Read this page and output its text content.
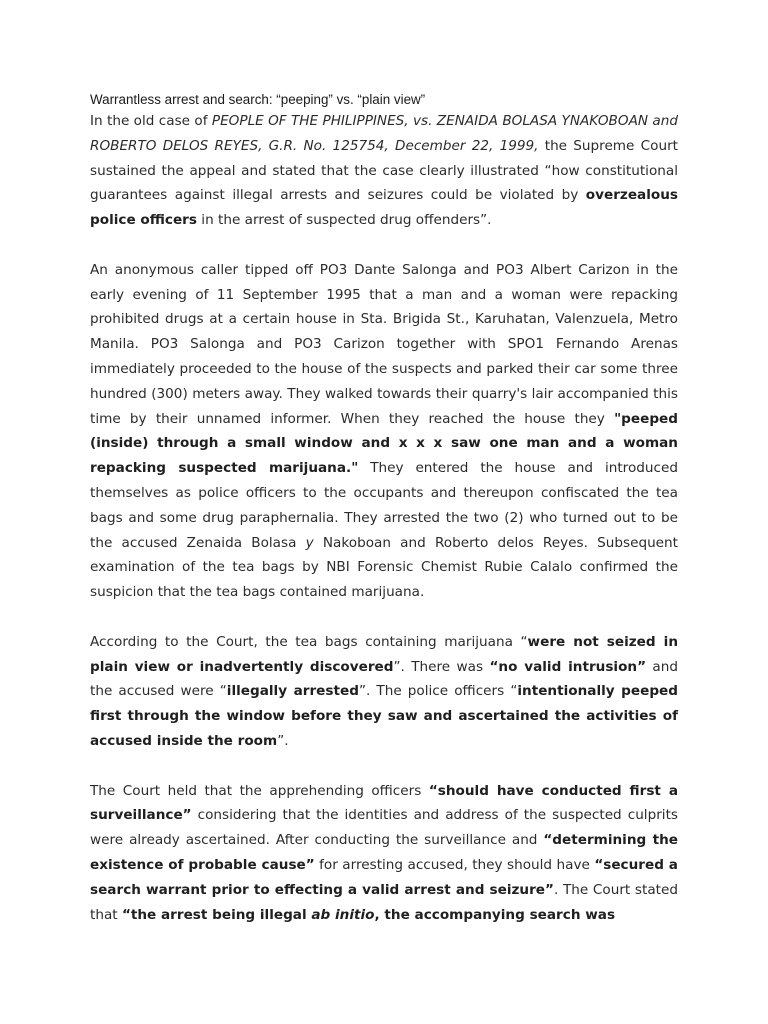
Warrantless arrest and search: “peeping” vs. “plain view”

In the old case of PEOPLE OF THE PHILIPPINES, vs. ZENAIDA BOLASA YNAKOBOAN and ROBERTO DELOS REYES, G.R. No. 125754, December 22, 1999, the Supreme Court sustained the appeal and stated that the case clearly illustrated “how constitutional guarantees against illegal arrests and seizures could be violated by overzealous police officers in the arrest of suspected drug offenders”.

An anonymous caller tipped off PO3 Dante Salonga and PO3 Albert Carizon in the early evening of 11 September 1995 that a man and a woman were repacking prohibited drugs at a certain house in Sta. Brigida St., Karuhatan, Valenzuela, Metro Manila. PO3 Salonga and PO3 Carizon together with SPO1 Fernando Arenas immediately proceeded to the house of the suspects and parked their car some three hundred (300) meters away. They walked towards their quarry's lair accompanied this time by their unnamed informer. When they reached the house they "peeped (inside) through a small window and x x x saw one man and a woman repacking suspected marijuana." They entered the house and introduced themselves as police officers to the occupants and thereupon confiscated the tea bags and some drug paraphernalia. They arrested the two (2) who turned out to be the accused Zenaida Bolasa y Nakoboan and Roberto delos Reyes. Subsequent examination of the tea bags by NBI Forensic Chemist Rubie Calalo confirmed the suspicion that the tea bags contained marijuana.

According to the Court, the tea bags containing marijuana “were not seized in plain view or inadvertently discovered”. There was “no valid intrusion” and the accused were “illegally arrested”. The police officers “intentionally peeped first through the window before they saw and ascertained the activities of accused inside the room”.

The Court held that the apprehending officers “should have conducted first a surveillance” considering that the identities and address of the suspected culprits were already ascertained. After conducting the surveillance and “determining the existence of probable cause” for arresting accused, they should have “secured a search warrant prior to effecting a valid arrest and seizure”. The Court stated that “the arrest being illegal ab initio, the accompanying search was
